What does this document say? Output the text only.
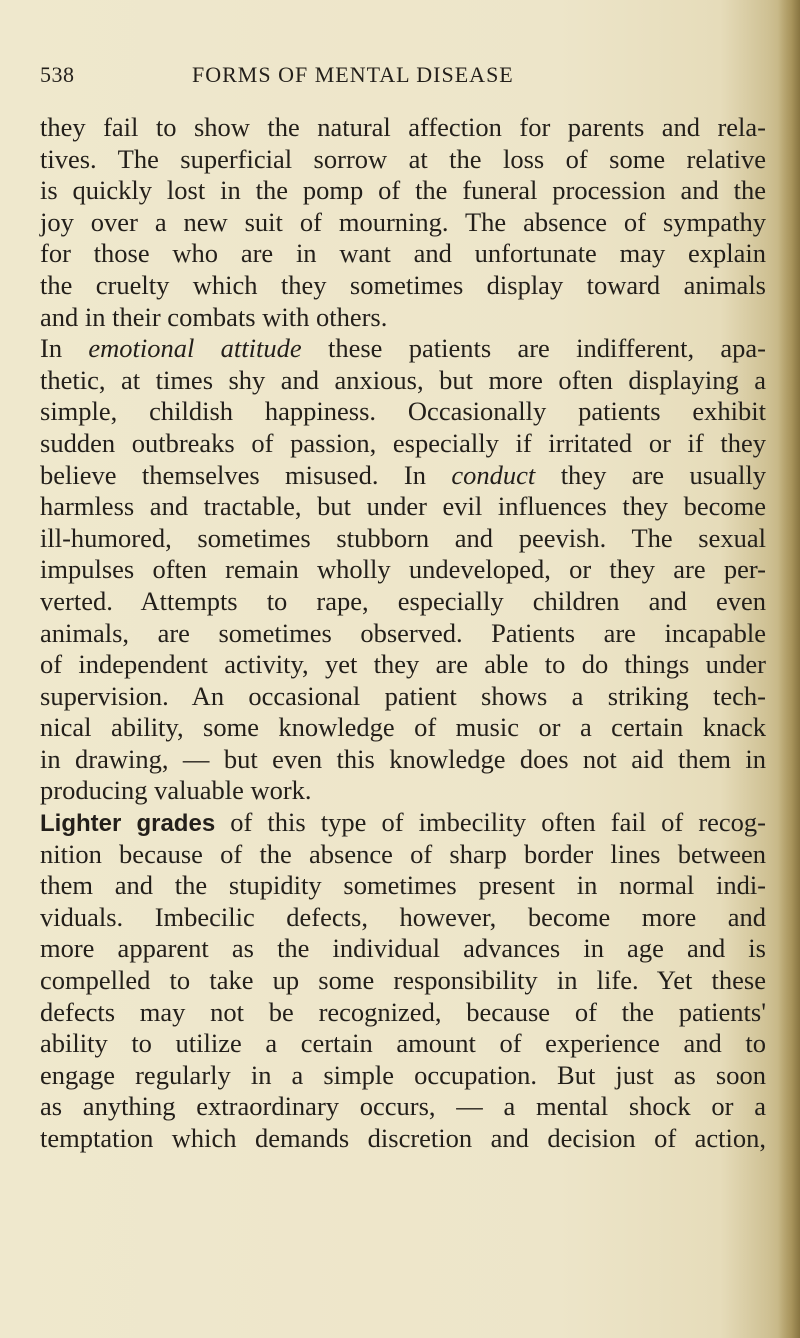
538	FORMS OF MENTAL DISEASE
they fail to show the natural affection for parents and rela-
tives. The superficial sorrow at the loss of some relative
is quickly lost in the pomp of the funeral procession and the
joy over a new suit of mourning. The absence of sympathy
for those who are in want and unfortunate may explain
the cruelty which they sometimes display toward animals
and in their combats with others.
In emotional attitude these patients are indifferent, apa-
thetic, at times shy and anxious, but more often displaying a
simple, childish happiness. Occasionally patients exhibit
sudden outbreaks of passion, especially if irritated or if they
believe themselves misused. In conduct they are usually
harmless and tractable, but under evil influences they become
ill-humored, sometimes stubborn and peevish. The sexual
impulses often remain wholly undeveloped, or they are per-
verted. Attempts to rape, especially children and even
animals, are sometimes observed. Patients are incapable
of independent activity, yet they are able to do things under
supervision. An occasional patient shows a striking tech-
nical ability, some knowledge of music or a certain knack
in drawing, — but even this knowledge does not aid them in
producing valuable work.
Lighter grades of this type of imbecility often fail of recog-
nition because of the absence of sharp border lines between
them and the stupidity sometimes present in normal indi-
viduals. Imbecilic defects, however, become more and
more apparent as the individual advances in age and is
compelled to take up some responsibility in life. Yet these
defects may not be recognized, because of the patients'
ability to utilize a certain amount of experience and to
engage regularly in a simple occupation. But just as soon
as anything extraordinary occurs, — a mental shock or a
temptation which demands discretion and decision of action,
